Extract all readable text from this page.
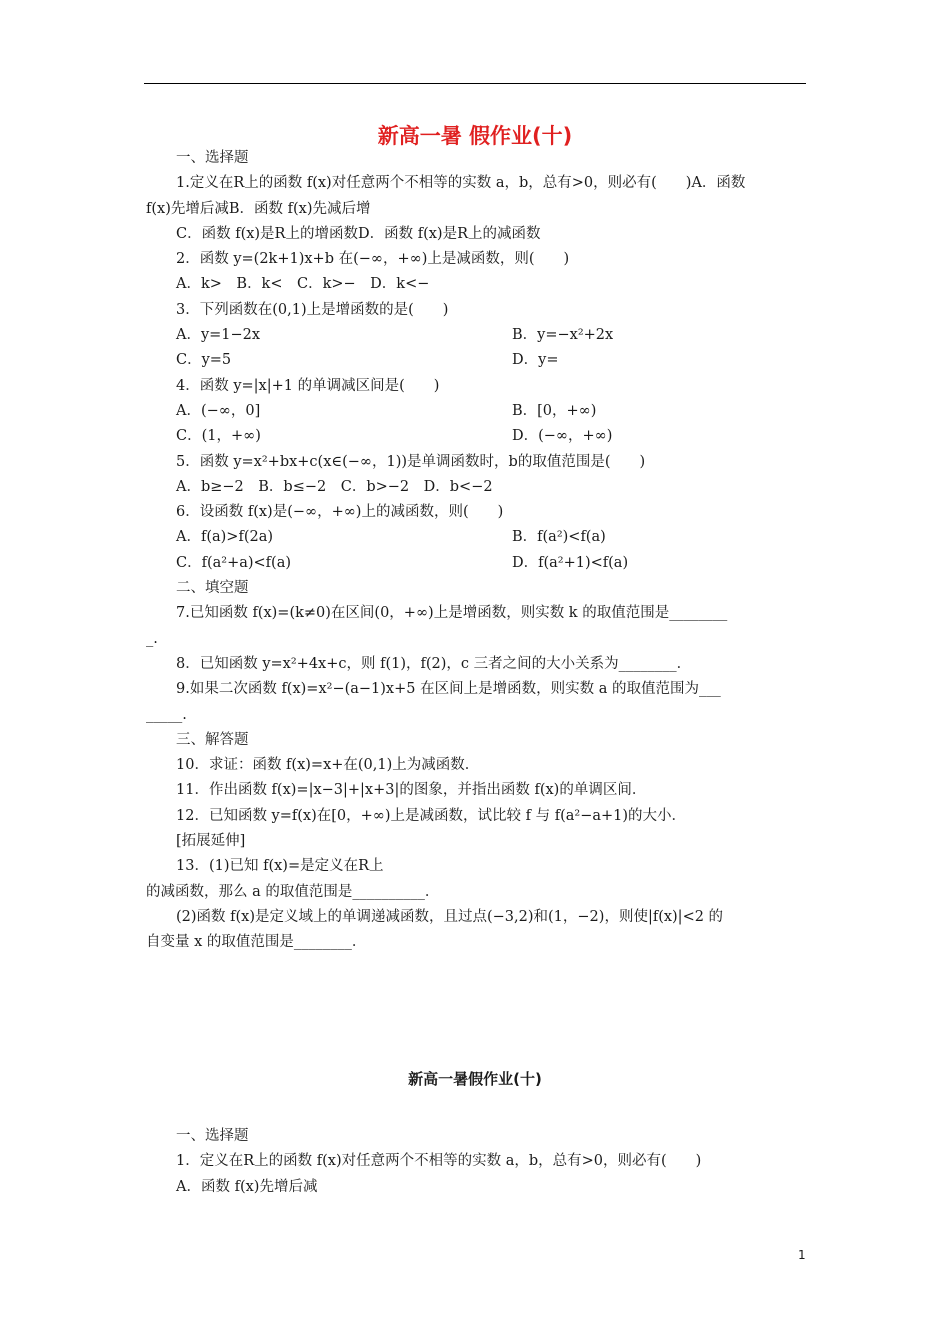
新高一暑 假作业(十)
一、选择题
1.定义在R上的函数 f(x)对任意两个不相等的实数 a，b，总有>0，则必有(　　)A．函数
f(x)先增后减B．函数 f(x)先减后增
C．函数 f(x)是R上的增函数D．函数 f(x)是R上的减函数
2．函数 y=(2k+1)x+b 在(−∞，+∞)上是减函数，则(　　)
A．k>　B．k<　C．k>−　D．k<−
3．下列函数在(0,1)上是增函数的是(　　)
A．y=1−2x	B．y=−x²+2x
C．y=5	D．y=
4．函数 y=|x|+1 的单调减区间是(　　)
A．(−∞，0]	B．[0，+∞)
C．(1，+∞)	D．(−∞，+∞)
5．函数 y=x²+bx+c(x∈(−∞，1))是单调函数时，b的取值范围是(　　)
A．b≥−2　B．b≤−2　C．b>−2　D．b<−2
6．设函数 f(x)是(−∞，+∞)上的减函数，则(　　)
A．f(a)>f(2a)	B．f(a²)<f(a)
C．f(a²+a)<f(a)	D．f(a²+1)<f(a)
二、填空题
7.已知函数 f(x)=(k≠0)在区间(0，+∞)上是增函数，则实数 k 的取值范围是________
_.
8．已知函数 y=x²+4x+c，则 f(1)，f(2)，c 三者之间的大小关系为________．
9.如果二次函数 f(x)=x²−(a−1)x+5 在区间上是增函数，则实数 a 的取值范围为___
_____.
三、解答题
10．求证：函数 f(x)=x+在(0,1)上为减函数．
11．作出函数 f(x)=|x−3|+|x+3|的图象，并指出函数 f(x)的单调区间．
12．已知函数 y=f(x)在[0，+∞)上是减函数，试比较 f 与 f(a²−a+1)的大小．
[拓展延伸]
13．(1)已知 f(x)=是定义在R上
的减函数，那么 a 的取值范围是__________．
(2)函数 f(x)是定义域上的单调递减函数，且过点(−3,2)和(1，−2)，则使|f(x)|<2 的
自变量 x 的取值范围是________．
新高一暑假作业(十)
一、选择题
1．定义在R上的函数 f(x)对任意两个不相等的实数 a，b，总有>0，则必有(　　)
A．函数 f(x)先增后减
1
